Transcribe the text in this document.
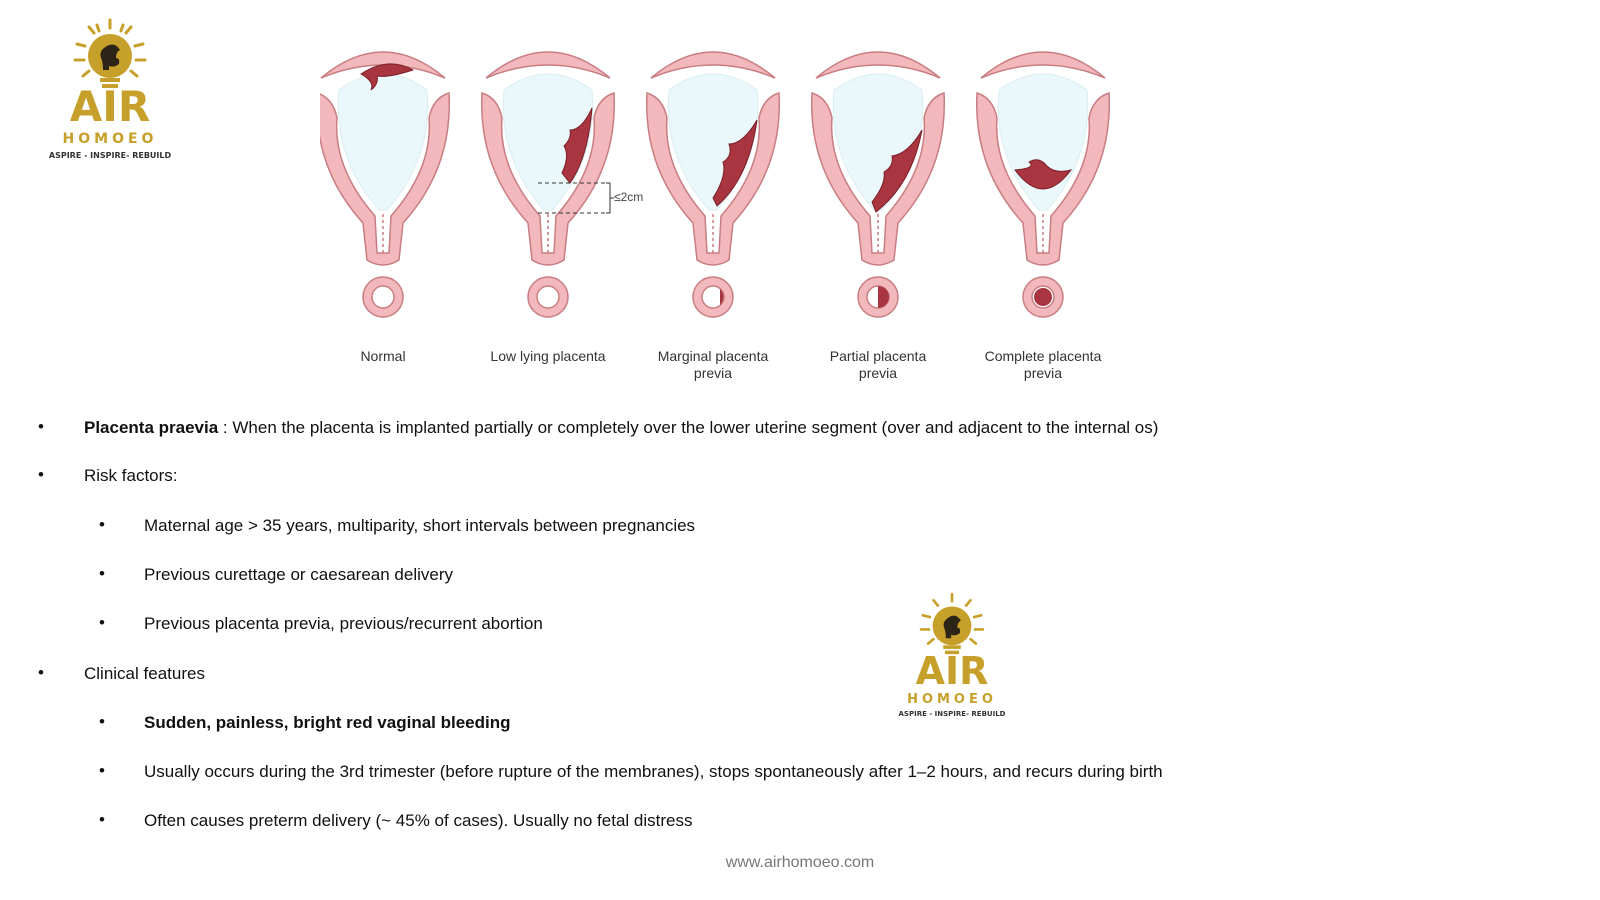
AIR
HOMOEO
ASPIRE - INSPIRE- REBUILD
≤2cm
Normal	Low lying placenta	Marginal placenta
previa
Partial placenta
previa
Complete placenta
previa
• Placenta praevia : When the placenta is implanted partially or completely over the lower uterine segment (over and adjacent to the internal os)
• Risk factors:
• Maternal age > 35 years, multiparity, short intervals between pregnancies
• Previous curettage or caesarean delivery
• Previous placenta previa, previous/recurrent abortion
• Clinical features
• Sudden, painless, bright red vaginal bleeding
• Usually occurs during the 3rd trimester (before rupture of the membranes), stops spontaneously after 1–2 hours, and recurs during birth
• Often causes preterm delivery (~ 45% of cases). Usually no fetal distress
AIR
HOMOEO
ASPIRE - INSPIRE- REBUILD
www.airhomoeo.com
